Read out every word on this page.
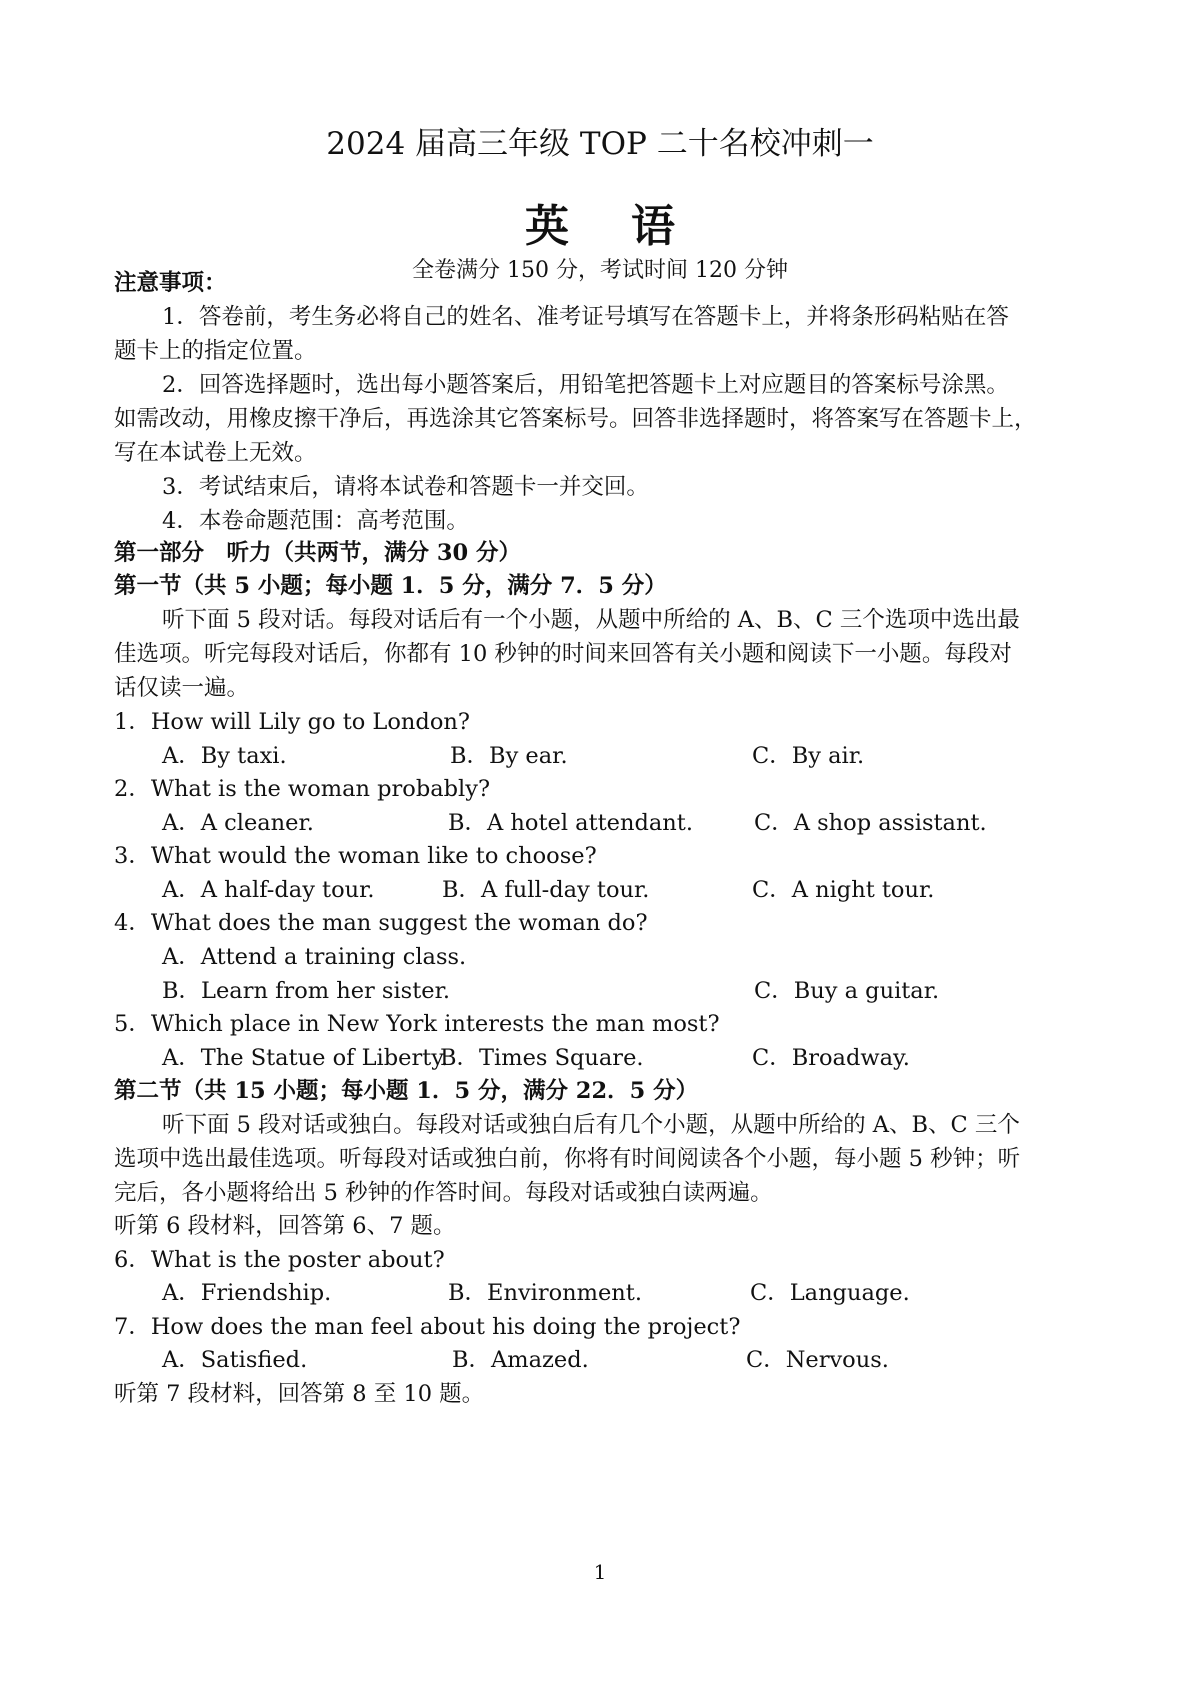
2024 届高三年级 TOP 二十名校冲刺一
英语
全卷满分 150 分，考试时间 120 分钟
注意事项：
1．答卷前，考生务必将自己的姓名、准考证号填写在答题卡上，并将条形码粘贴在答
题卡上的指定位置。
2．回答选择题时，选出每小题答案后，用铅笔把答题卡上对应题目的答案标号涂黑。
如需改动，用橡皮擦干净后，再选涂其它答案标号。回答非选择题时，将答案写在答题卡上，
写在本试卷上无效。
3．考试结束后，请将本试卷和答题卡一并交回。
4．本卷命题范围：高考范围。
第一部分　听力（共两节，满分 30 分）
第一节（共 5 小题；每小题 1．5 分，满分 7．5 分）
听下面 5 段对话。每段对话后有一个小题，从题中所给的 A、B、C 三个选项中选出最
佳选项。听完每段对话后，你都有 10 秒钟的时间来回答有关小题和阅读下一小题。每段对
话仅读一遍。
1．How will Lily go to London?
A．By taxi.	B．By ear.	C．By air.
2．What is the woman probably?
A．A cleaner.	B．A hotel attendant.	C．A shop assistant.
3．What would the woman like to choose?
A．A half-day tour.	B．A full-day tour.	C．A night tour.
4．What does the man suggest the woman do?
A．Attend a training class.
B．Learn from her sister.	C．Buy a guitar.
5．Which place in New York interests the man most?
A．The Statue of Liberty.
B．Times Square.	C．Broadway.
第二节（共 15 小题；每小题 1．5 分，满分 22．5 分）
听下面 5 段对话或独白。每段对话或独白后有几个小题，从题中所给的 A、B、C 三个
选项中选出最佳选项。听每段对话或独白前，你将有时间阅读各个小题，每小题 5 秒钟；听
完后，各小题将给出 5 秒钟的作答时间。每段对话或独白读两遍。
听第 6 段材料，回答第 6、7 题。
6．What is the poster about?
A．Friendship.	B．Environment.	C．Language.
7．How does the man feel about his doing the project?
A．Satisfied.	B．Amazed.	C．Nervous.
听第 7 段材料，回答第 8 至 10 题。
1
